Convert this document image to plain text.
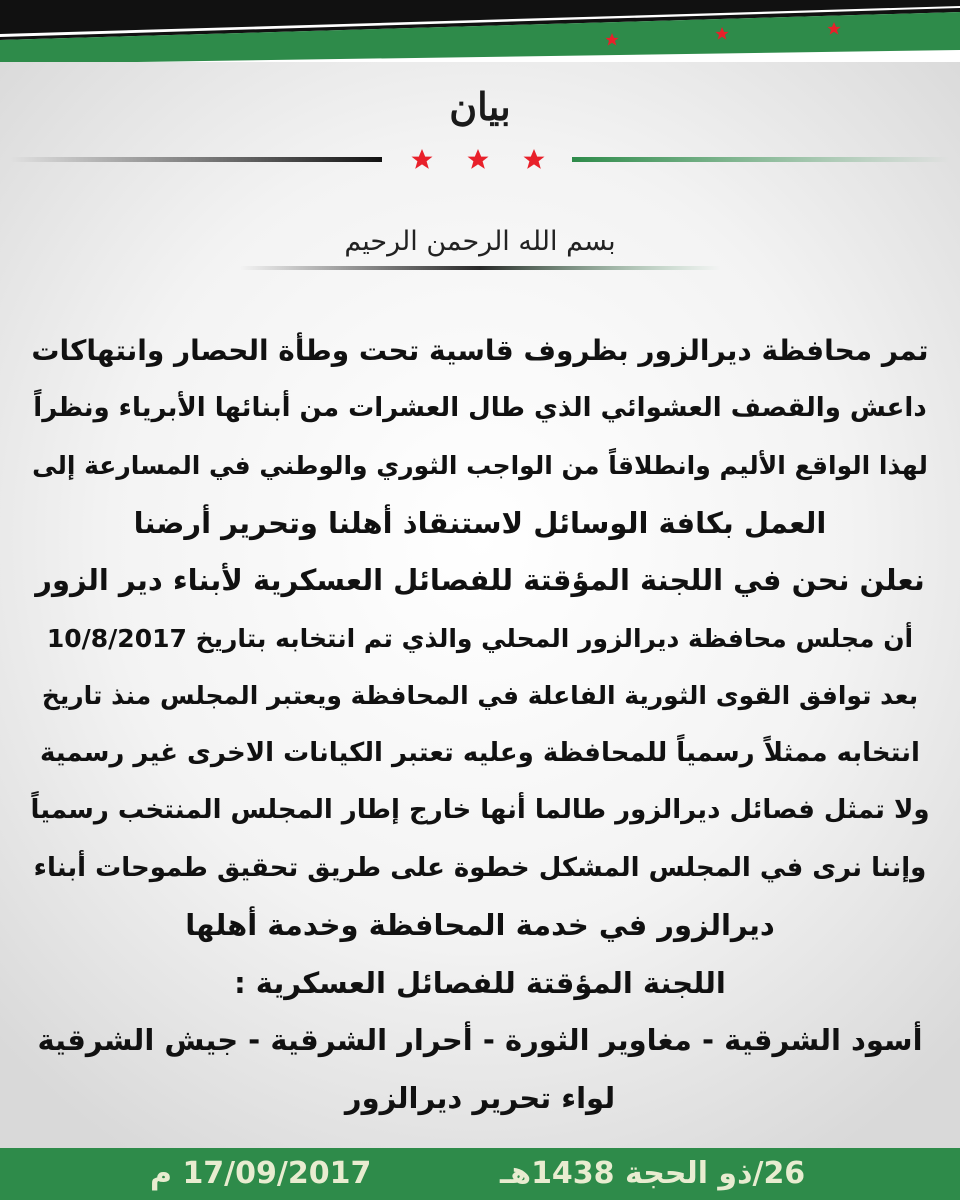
بيان
بسم الله الرحمن الرحيم
تمر محافظة ديرالزور بظروف قاسية تحت وطأة الحصار وانتهاكات
داعش والقصف العشوائي الذي طال العشرات من أبنائها الأبرياء ونظراً
لهذا الواقع الأليم وانطلاقاً من الواجب الثوري والوطني في المسارعة إلى
العمل بكافة الوسائل لاستنقاذ أهلنا وتحرير أرضنا
نعلن نحن في اللجنة المؤقتة للفصائل العسكرية لأبناء دير الزور
أن مجلس محافظة ديرالزور المحلي والذي تم انتخابه بتاريخ 10/8/2017
بعد توافق القوى الثورية الفاعلة في المحافظة ويعتبر المجلس منذ تاريخ
انتخابه ممثلاً رسمياً للمحافظة وعليه تعتبر الكيانات الاخرى غير رسمية
ولا تمثل فصائل ديرالزور طالما أنها خارج إطار المجلس المنتخب رسمياً
وإننا نرى في المجلس المشكل خطوة على طريق تحقيق طموحات أبناء
ديرالزور في خدمة المحافظة وخدمة أهلها
اللجنة المؤقتة للفصائل العسكرية :
أسود الشرقية - مغاوير الثورة - أحرار الشرقية - جيش الشرقية
لواء تحرير ديرالزور
17/09/2017 م	26/ذو الحجة 1438هـ
